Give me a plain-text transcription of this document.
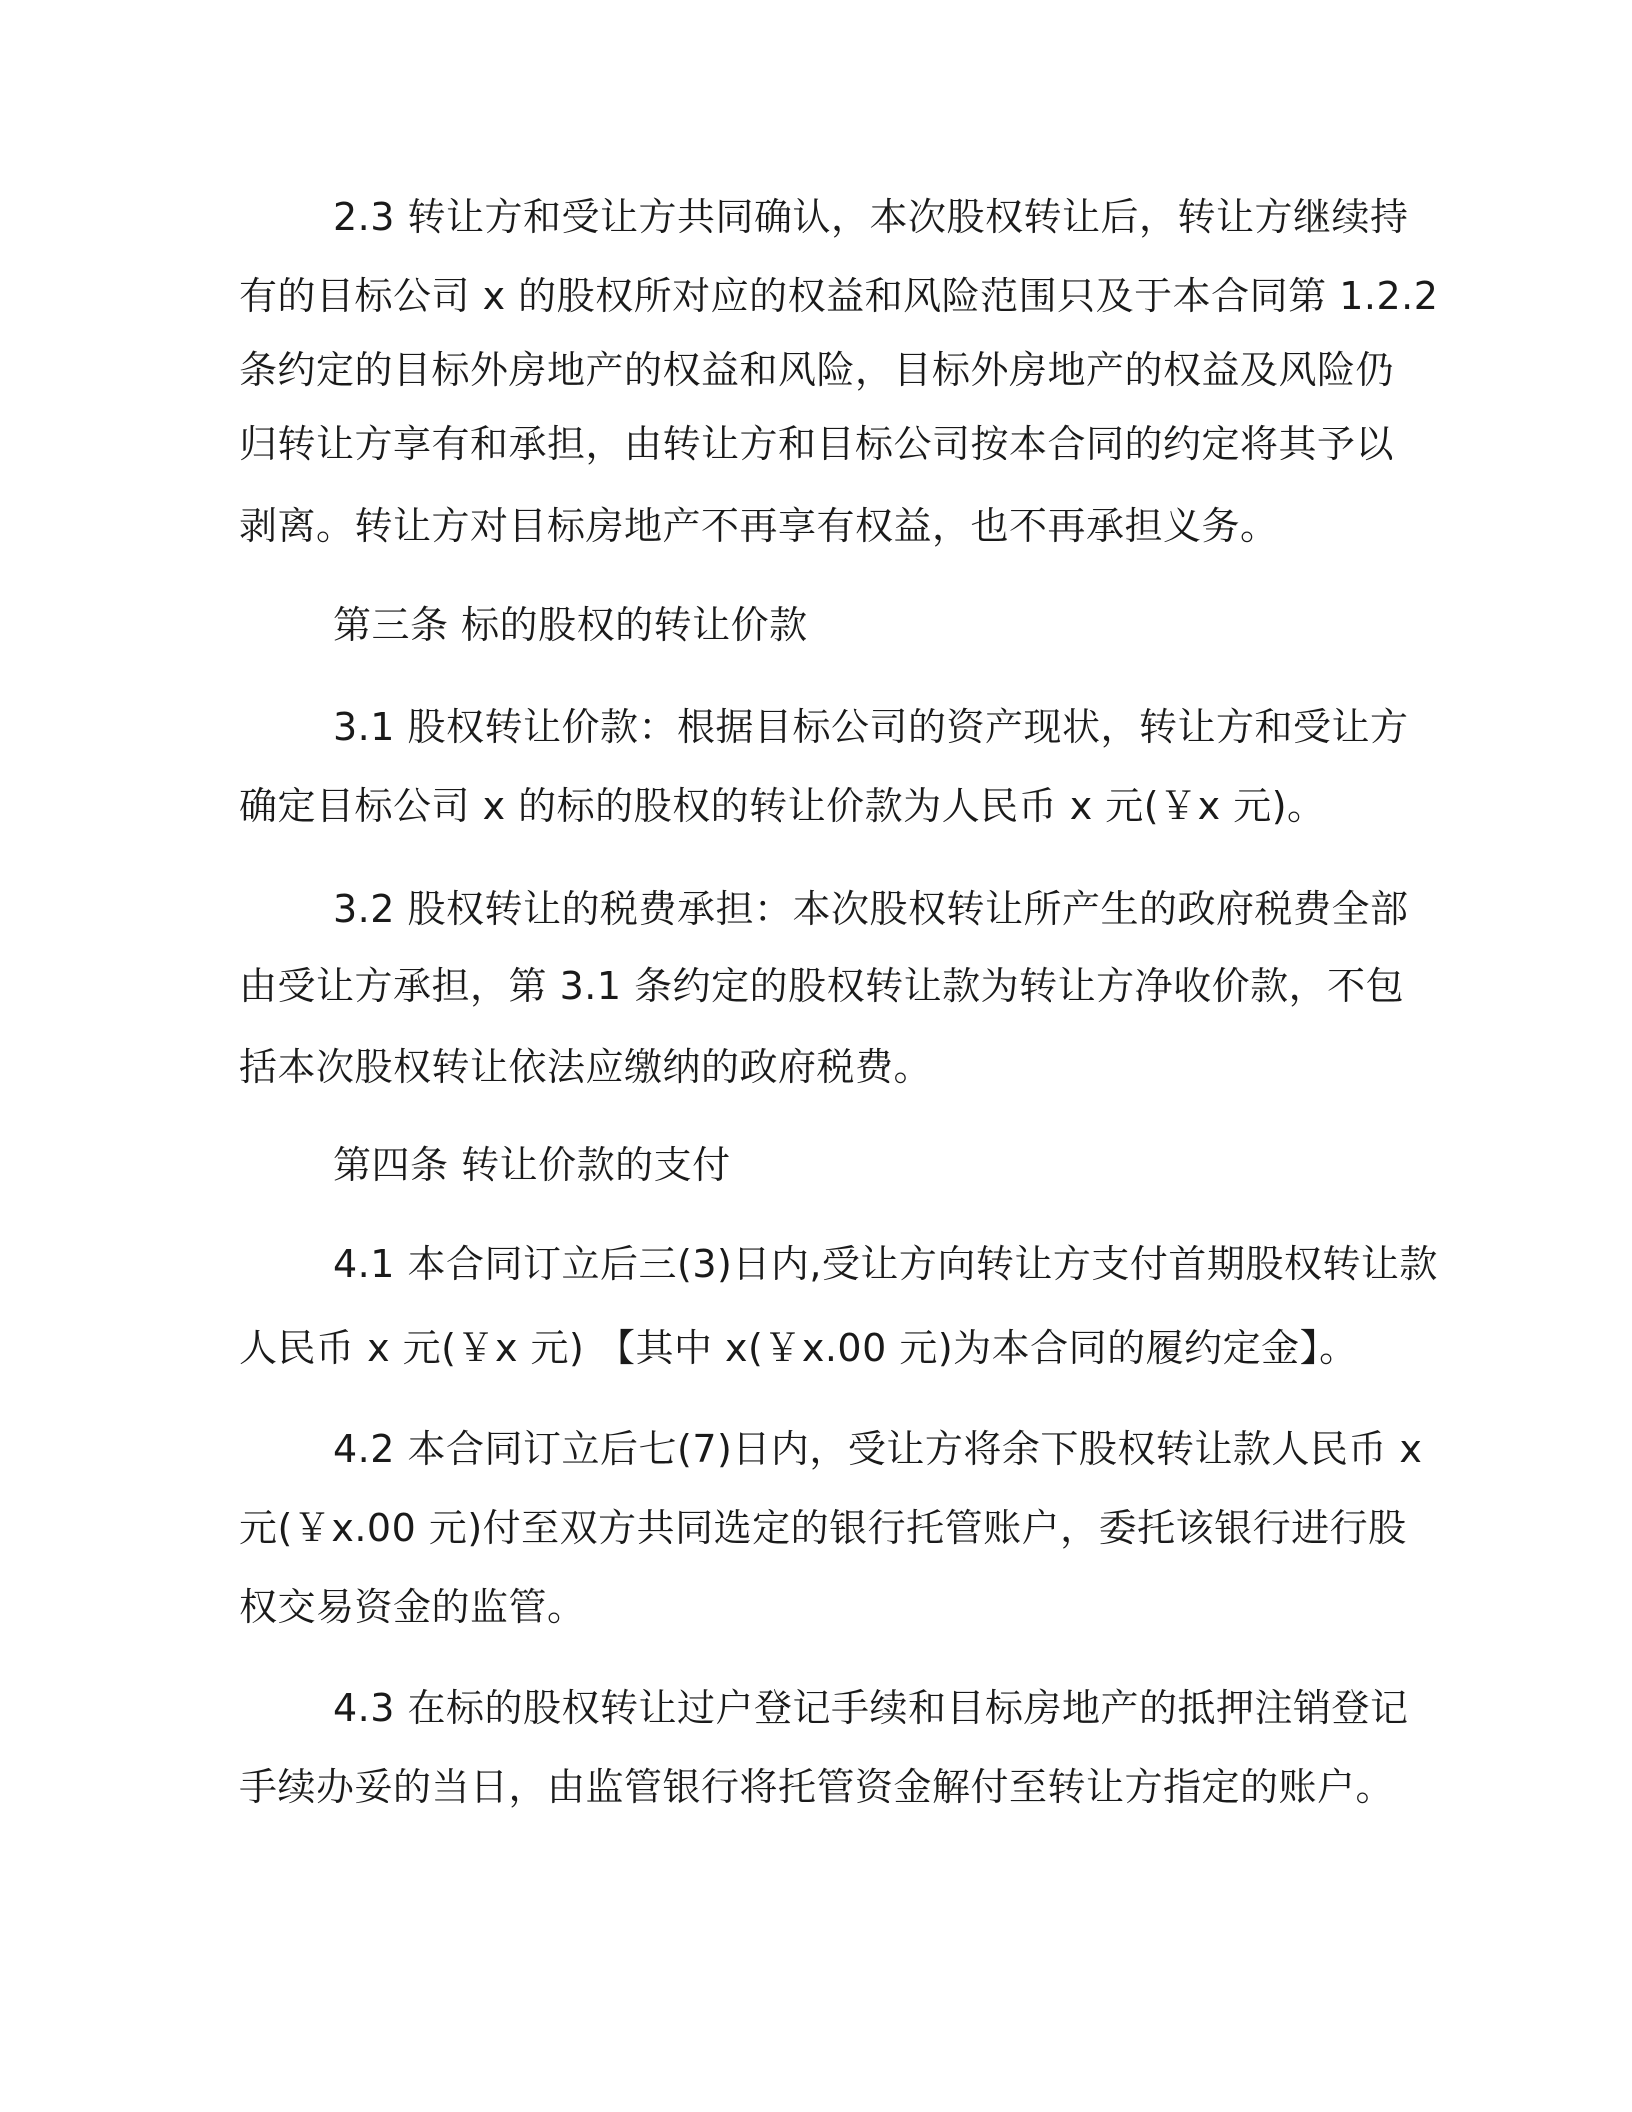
2.3 转让方和受让方共同确认，本次股权转让后，转让方继续持

有的目标公司 x 的股权所对应的权益和风险范围只及于本合同第 1.2.2

条约定的目标外房地产的权益和风险，目标外房地产的权益及风险仍

归转让方享有和承担，由转让方和目标公司按本合同的约定将其予以

剥离。转让方对目标房地产不再享有权益，也不再承担义务。

第三条 标的股权的转让价款

3.1 股权转让价款：根据目标公司的资产现状，转让方和受让方

确定目标公司 x 的标的股权的转让价款为人民币 x 元(￥x 元)。

3.2 股权转让的税费承担：本次股权转让所产生的政府税费全部

由受让方承担，第 3.1 条约定的股权转让款为转让方净收价款，不包

括本次股权转让依法应缴纳的政府税费。

第四条 转让价款的支付

4.1 本合同订立后三(3)日内,受让方向转让方支付首期股权转让款

人民币 x 元(￥x 元) 【其中 x(￥x.00 元)为本合同的履约定金】。

4.2 本合同订立后七(7)日内，受让方将余下股权转让款人民币 x

元(￥x.00 元)付至双方共同选定的银行托管账户，委托该银行进行股

权交易资金的监管。

4.3 在标的股权转让过户登记手续和目标房地产的抵押注销登记

手续办妥的当日，由监管银行将托管资金解付至转让方指定的账户。
